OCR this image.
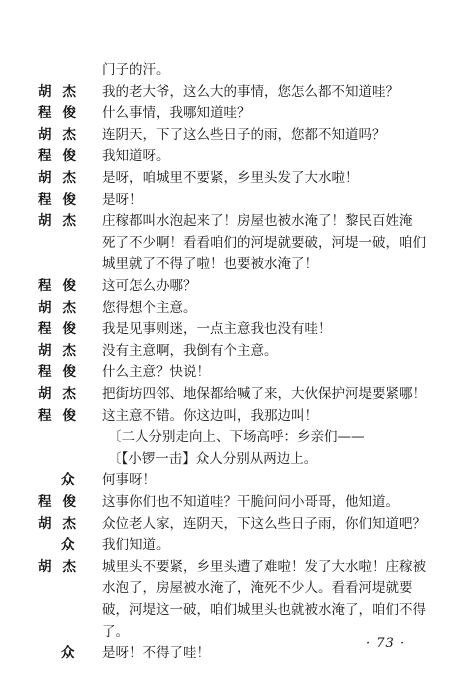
门子的汗。
胡杰 我的老大爷，这么大的事情，您怎么都不知道哇？
程俊 什么事情，我哪知道哇？
胡杰 连阴天，下了这么些日子的雨，您都不知道吗？
程俊 我知道呀。
胡杰 是呀，咱城里不要紧，乡里头发了大水啦！
程俊 是呀！
胡杰 庄稼都叫水泡起来了！房屋也被水淹了！黎民百姓淹
死了不少啊！看看咱们的河堤就要破，河堤一破，咱们
城里就了不得了啦！也要被水淹了！
程俊 这可怎么办哪？
胡杰 您得想个主意。
程俊 我是见事则迷，一点主意我也没有哇！
胡杰 没有主意啊，我倒有个主意。
程俊 什么主意？快说！
胡杰 把街坊四邻、地保都给喊了来，大伙保护河堤要紧哪！
程俊 这主意不错。你这边叫，我那边叫！
〔二人分别走向上、下场高呼：乡亲们——
〔【小锣一击】众人分别从两边上。
众 何事呀！
程俊 这事你们也不知道哇？干脆问问小哥哥，他知道。
胡杰 众位老人家，连阴天，下这么些日子雨，你们知道吧？
众 我们知道。
胡杰 城里头不要紧，乡里头遭了难啦！发了大水啦！庄稼被
水泡了，房屋被水淹了，淹死不少人。看看河堤就要
破，河堤这一破，咱们城里头也就被水淹了，咱们不得
了。
众 是呀！不得了哇！
· 73 ·
